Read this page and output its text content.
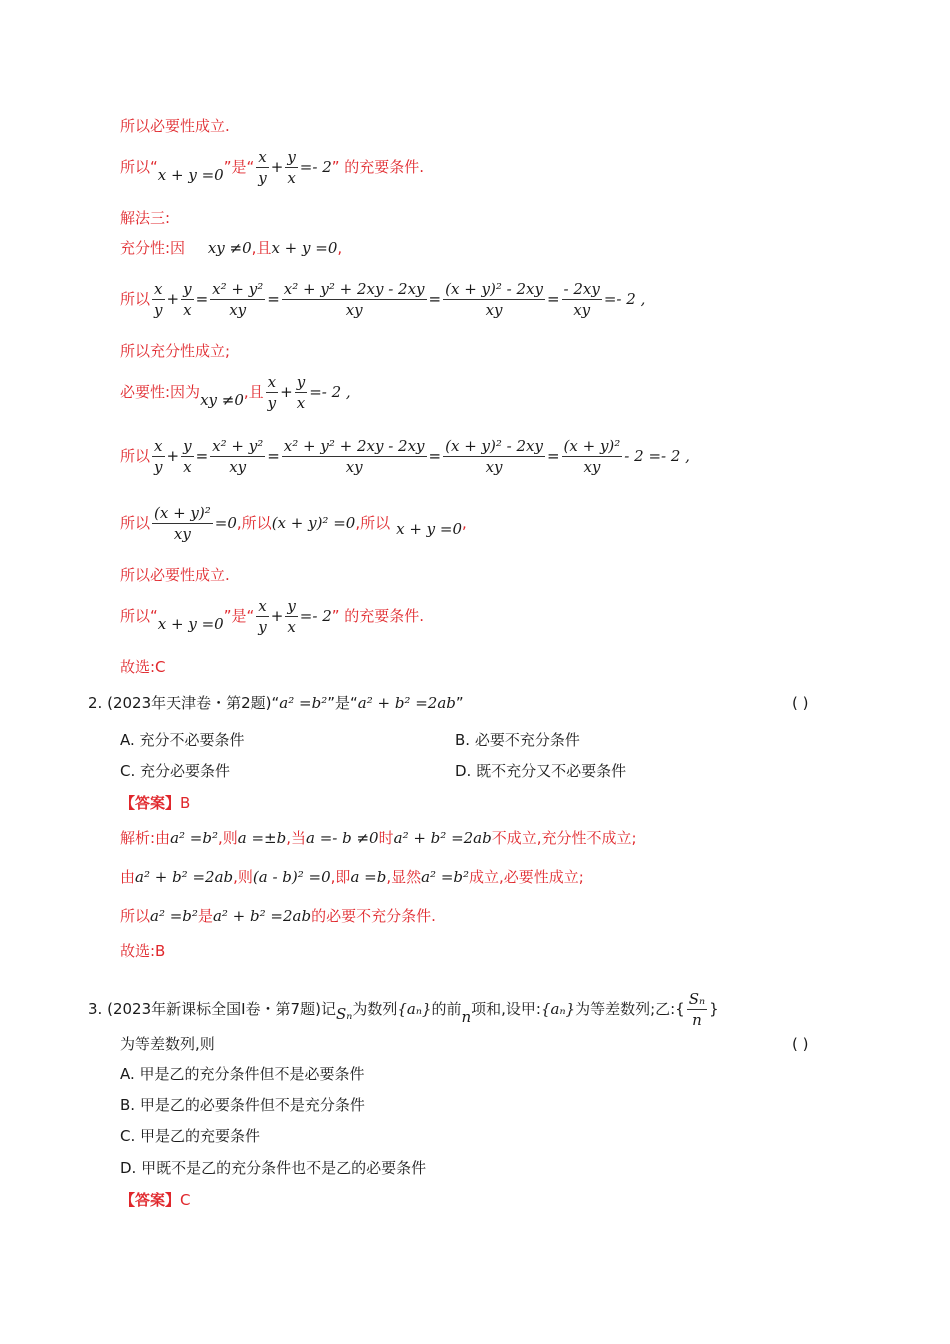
所以必要性成立.
所以“x + y =0”是“ $\frac{x}{y} + \frac{y}{x} =- 2$” 的充要条件.
解法三:
充分性:因 xy ≠0,且x + y =0,
所以 $\frac{x}{y} + \frac{y}{x} = \frac{\text{x² + y²}}{xy} = \frac{\text{x² + y² + 2xy - 2xy}}{xy} = \frac{\text{(x + y)² - 2xy}}{xy} = \frac{- 2xy}{xy} =- 2$ ,
所以充分性成立;
必要性:因为xy ≠0,且 $\frac{x}{y} + \frac{y}{x} =- 2$ ,
所以 $\frac{x}{y} + \frac{y}{x} = \frac{\text{x² + y²}}{xy} = \frac{\text{x² + y² + 2xy - 2xy}}{xy} = \frac{\text{(x + y)² - 2xy}}{xy} = \frac{\text{(x + y)²}}{xy} - 2 =- 2$ ,
所以 $\frac{\text{(x + y)²}}{xy} =0$,所以(x + y)² =0,所以 x + y =0,
所以必要性成立.
所以“x + y =0”是“ $\frac{x}{y} + \frac{y}{x} =- 2$” 的充要条件.
故选:C
2. (2023年天津卷・第2题)“a² =b²”是“a² + b² =2ab”	( )
A. 充分不必要条件	B. 必要不充分条件
C. 充分必要条件	D. 既不充分又不必要条件
【答案】B
解析:由a² =b²,则a =±b,当a =- b ≠0时a² + b² =2ab不成立,充分性不成立;
由a² + b² =2ab,则(a - b)² =0,即a =b,显然a² =b²成立,必要性成立;
所以a² =b²是a² + b² =2ab的必要不充分条件.
故选:B
3. (2023年新课标全国Ⅰ卷・第7题)记Sₙ为数列{aₙ}的前n项和,设甲:{aₙ}为等差数列;乙:{ $\frac{\text{Sₙ}}{n}$ }
为等差数列,则	( )
A. 甲是乙的充分条件但不是必要条件
B. 甲是乙的必要条件但不是充分条件
C. 甲是乙的充要条件
D. 甲既不是乙的充分条件也不是乙的必要条件
【答案】C
